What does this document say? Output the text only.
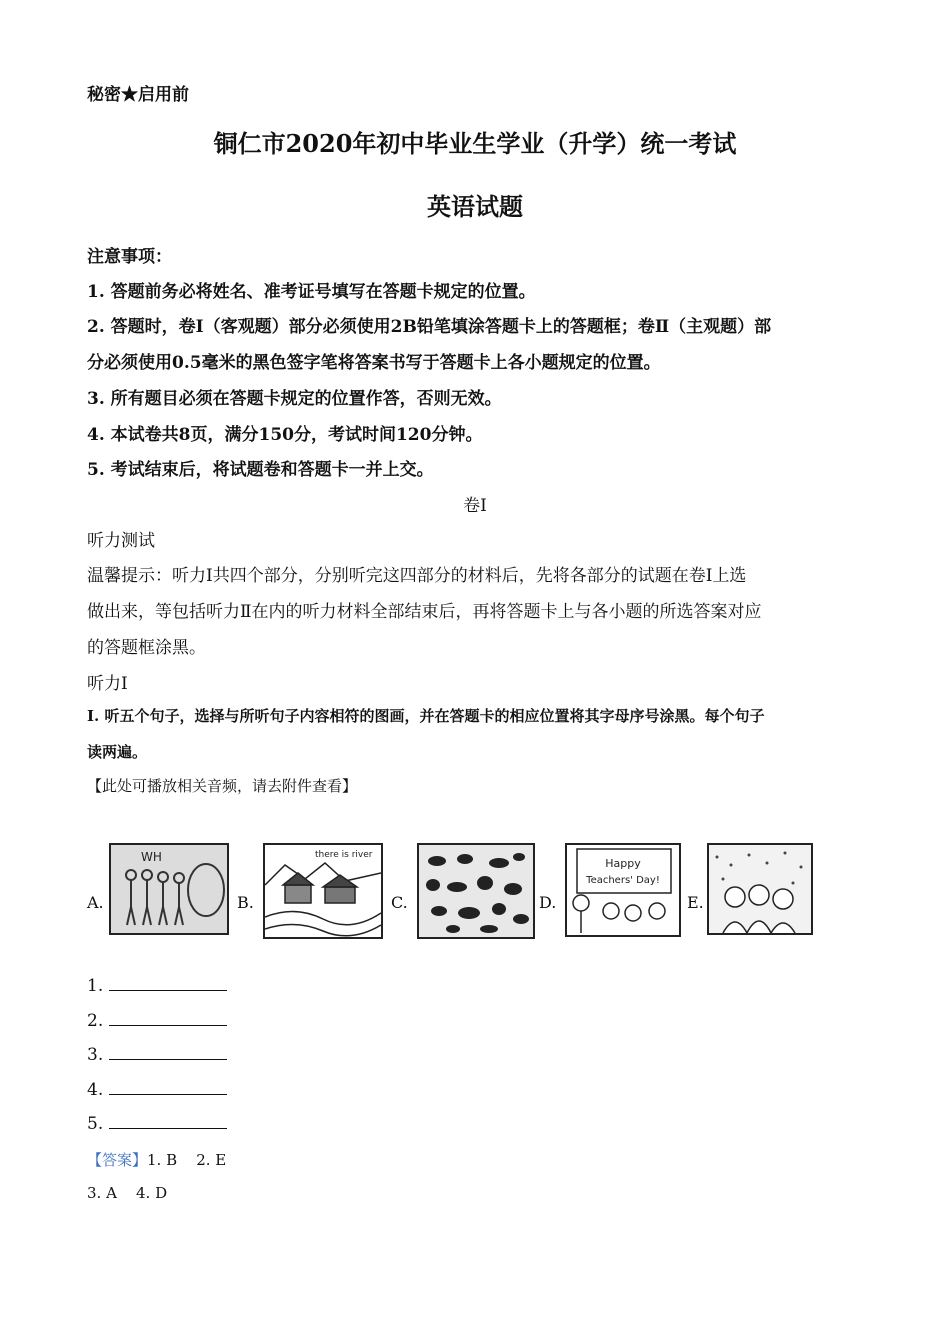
秘密★启用前
铜仁市2020年初中毕业生学业（升学）统一考试
英语试题
注意事项：
1. 答题前务必将姓名、准考证号填写在答题卡规定的位置。
2. 答题时，卷Ⅰ（客观题）部分必须使用2B铅笔填涂答题卡上的答题框；卷Ⅱ（主观题）部
分必须使用0.5毫米的黑色签字笔将答案书写于答题卡上各小题规定的位置。
3. 所有题目必须在答题卡规定的位置作答，否则无效。
4. 本试卷共8页，满分150分，考试时间120分钟。
5. 考试结束后，将试题卷和答题卡一并上交。
卷Ⅰ
听力测试
温馨提示：听力Ⅰ共四个部分，分别听完这四部分的材料后，先将各部分的试题在卷Ⅰ上选
做出来，等包括听力Ⅱ在内的听力材料全部结束后，再将答题卡上与各小题的所选答案对应
的答题框涂黑。
听力Ⅰ
Ⅰ. 听五个句子，选择与所听句子内容相符的图画，并在答题卡的相应位置将其字母序号涂黑。每个句子
读两遍。
【此处可播放相关音频，请去附件查看】
A.
WH
B.
there is river
C.	D.
Happy
Teachers' Day!
E.
1.
2.
3.
4.
5.
【答案】1. B    2. E
3. A    4. D
